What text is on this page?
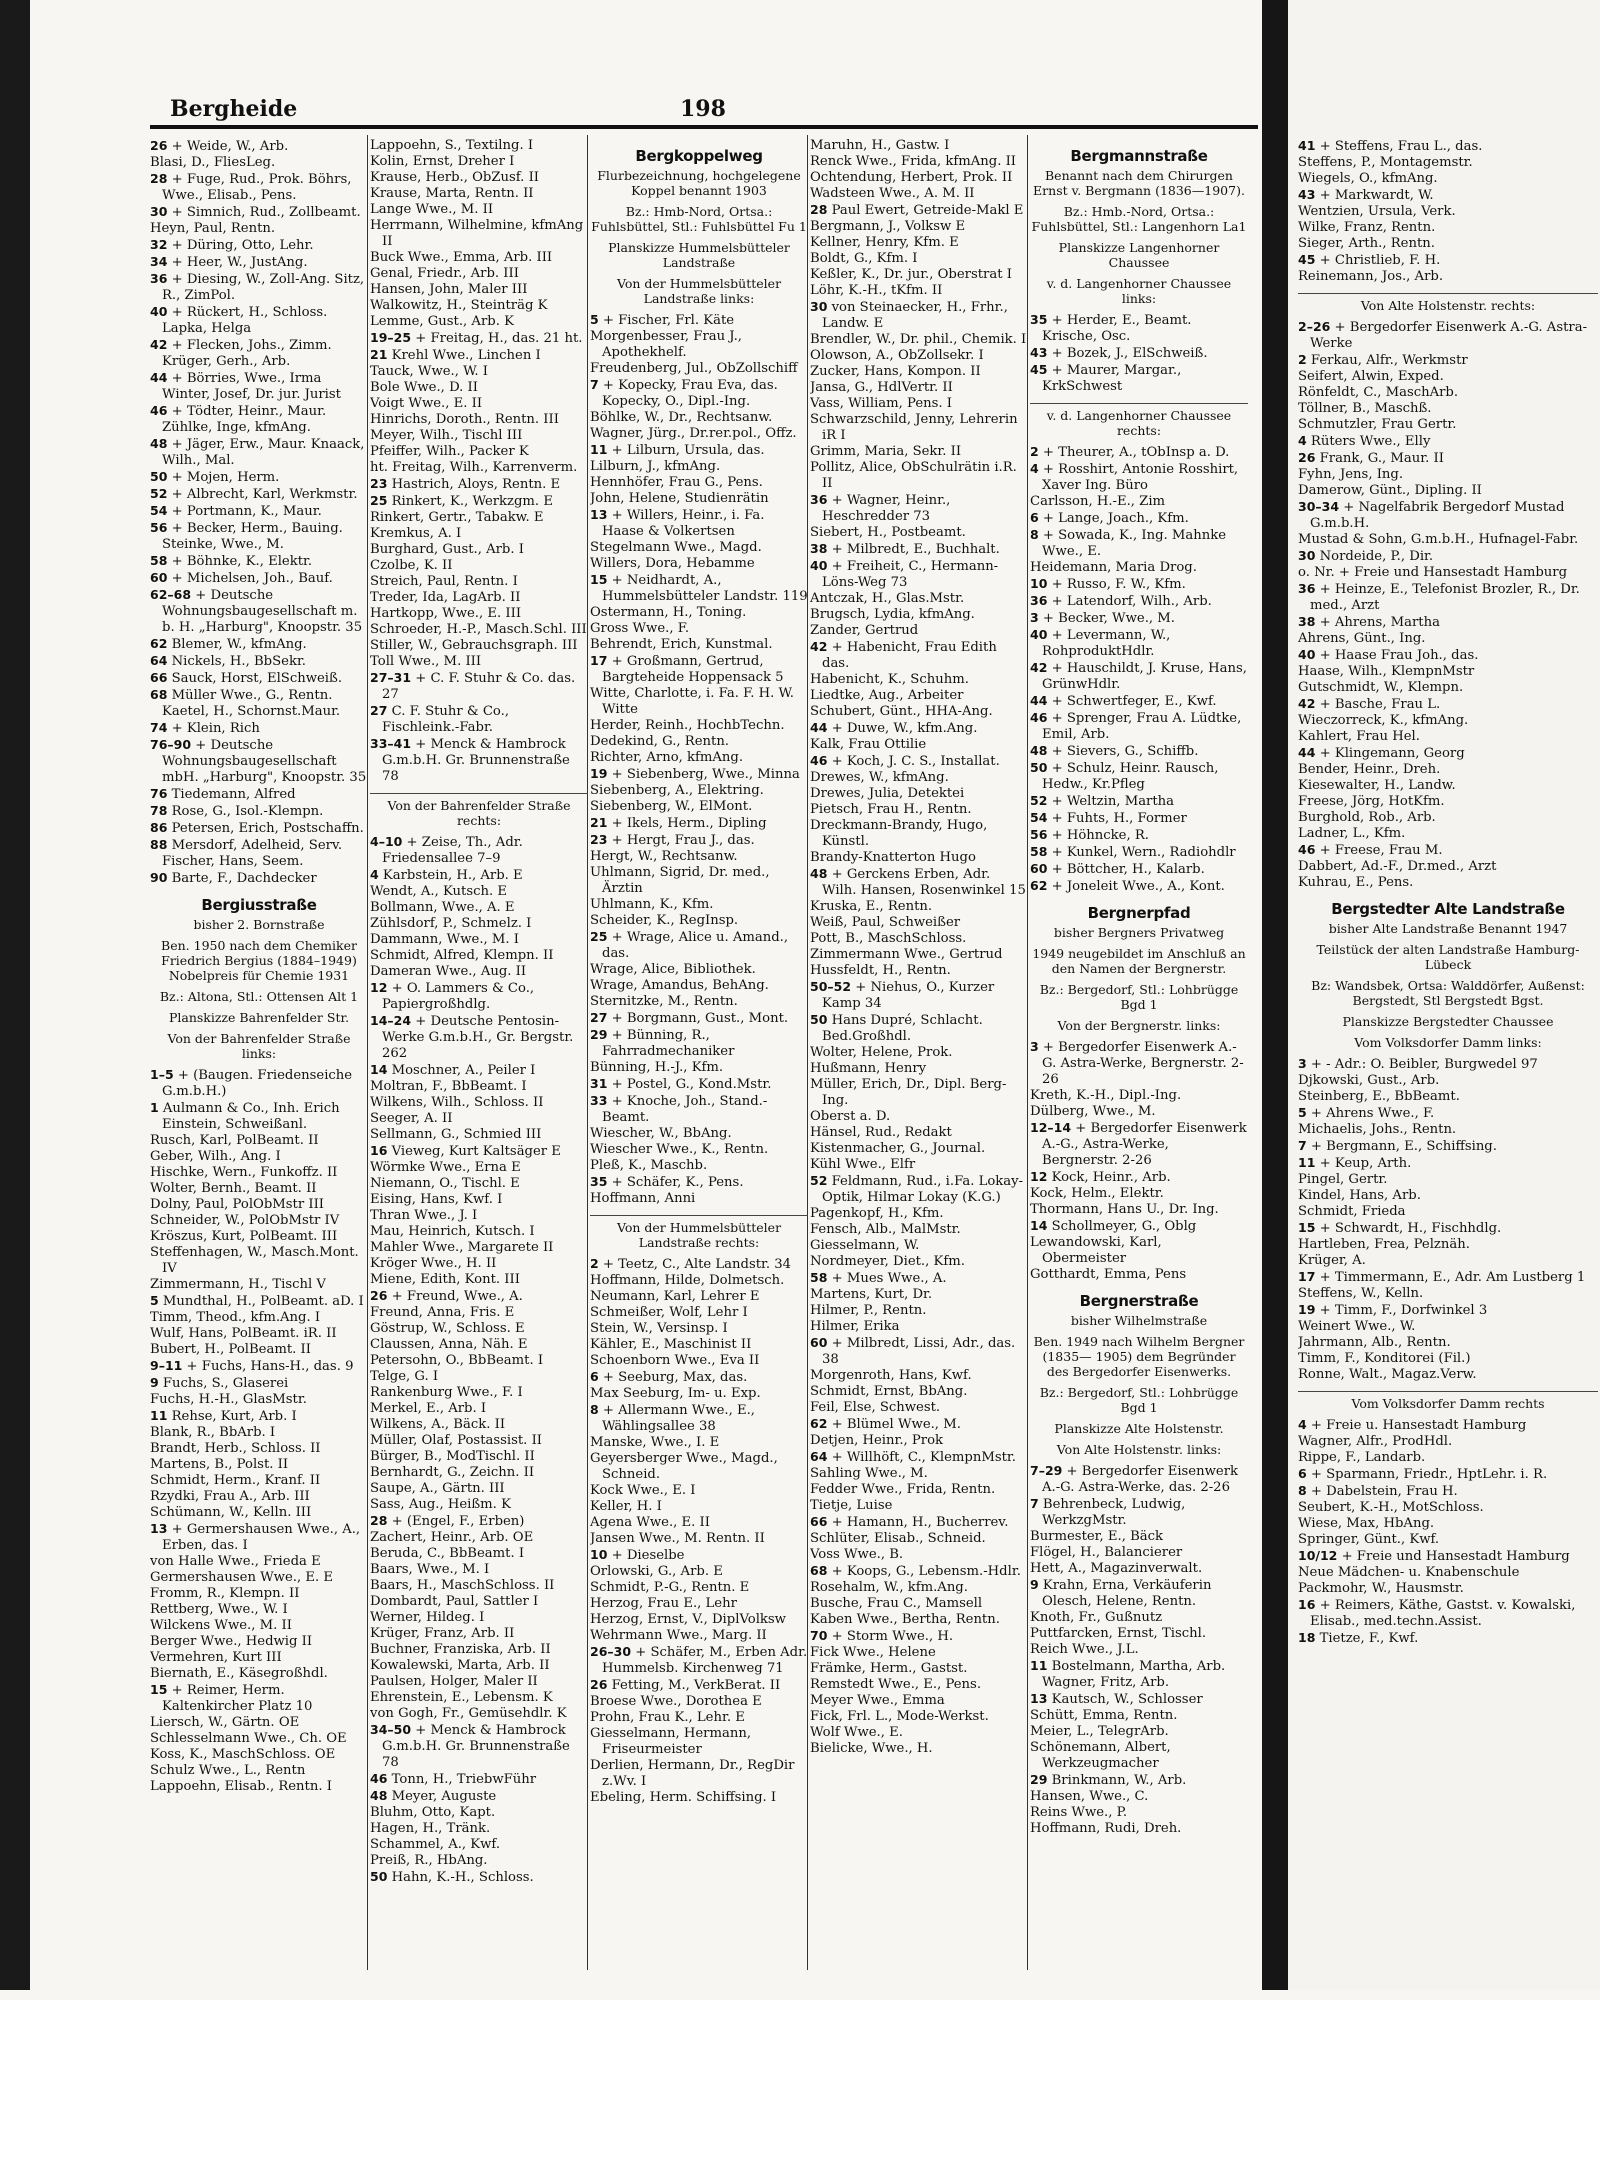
Bergheide	198
26 + Weide, W., Arb.
Blasi, D., FliesLeg.
28 + Fuge, Rud., Prok. Böhrs, Wwe., Elisab., Pens.
30 + Simnich, Rud., Zollbeamt.
Heyn, Paul, Rentn.
32 + Düring, Otto, Lehr.
34 + Heer, W., JustAng.
36 + Diesing, W., Zoll-Ang. Sitz, R., ZimPol.
40 + Rückert, H., Schloss. Lapka, Helga
42 + Flecken, Johs., Zimm. Krüger, Gerh., Arb.
44 + Börries, Wwe., Irma Winter, Josef, Dr. jur. Jurist
46 + Tödter, Heinr., Maur. Zühlke, Inge, kfmAng.
48 + Jäger, Erw., Maur. Knaack, Wilh., Mal.
50 + Mojen, Herm.
52 + Albrecht, Karl, Werkmstr.
54 + Portmann, K., Maur.
56 + Becker, Herm., Bauing. Steinke, Wwe., M.
58 + Böhnke, K., Elektr.
60 + Michelsen, Joh., Bauf.
62–68 + Deutsche Wohnungsbaugesellschaft m. b. H. „Harburg", Knoopstr. 35
62 Blemer, W., kfmAng.
64 Nickels, H., BbSekr.
66 Sauck, Horst, ElSchweiß.
68 Müller Wwe., G., Rentn. Kaetel, H., Schornst.Maur.
74 + Klein, Rich
76–90 + Deutsche Wohnungsbaugesellschaft mbH. „Harburg", Knoopstr. 35
76 Tiedemann, Alfred
78 Rose, G., Isol.-Klempn.
86 Petersen, Erich, Postschaffn.
88 Mersdorf, Adelheid, Serv. Fischer, Hans, Seem.
90 Barte, F., Dachdecker
Bergiusstraße
bisher 2. Bornstraße
Ben. 1950 nach dem Chemiker Friedrich Bergius (1884–1949) Nobelpreis für Chemie 1931
Bz.: Altona, Stl.: Ottensen Alt 1
Planskizze Bahrenfelder Str.
Von der Bahrenfelder Straße links:
1–5 + (Baugen. Friedenseiche G.m.b.H.)
1 Aulmann & Co., Inh. Erich Einstein, Schweißanl.
Rusch, Karl, PolBeamt. II
Geber, Wilh., Ang. I
Hischke, Wern., Funkoffz. II
Wolter, Bernh., Beamt. II
Dolny, Paul, PolObMstr III
Schneider, W., PolObMstr IV
Kröszus, Kurt, PolBeamt. III
Steffenhagen, W., Masch.Mont. IV
Zimmermann, H., Tischl V
5 Mundthal, H., PolBeamt. aD. I
Timm, Theod., kfm.Ang. I
Wulf, Hans, PolBeamt. iR. II
Bubert, H., PolBeamt. II
9–11 + Fuchs, Hans-H., das. 9
9 Fuchs, S., Glaserei
Fuchs, H.-H., GlasMstr.
11 Rehse, Kurt, Arb. I
Blank, R., BbArb. I
Brandt, Herb., Schloss. II
Martens, B., Polst. II
Schmidt, Herm., Kranf. II
Rzydki, Frau A., Arb. III
Schümann, W., Kelln. III
13 + Germershausen Wwe., A., Erben, das. I
von Halle Wwe., Frieda E
Germershausen Wwe., E. E
Fromm, R., Klempn. II
Rettberg, Wwe., W. I
Wilckens Wwe., M. II
Berger Wwe., Hedwig II
Vermehren, Kurt III
Biernath, E., Käsegroßhdl.
15 + Reimer, Herm. Kaltenkircher Platz 10
Liersch, W., Gärtn. OE
Schlesselmann Wwe., Ch. OE
Koss, K., MaschSchloss. OE
Schulz Wwe., L., Rentn
Lappoehn, Elisab., Rentn. I
Lappoehn, S., Textilng. I
Kolin, Ernst, Dreher I
Krause, Herb., ObZusf. II
Krause, Marta, Rentn. II
Lange Wwe., M. II
Herrmann, Wilhelmine, kfmAng II
Buck Wwe., Emma, Arb. III
Genal, Friedr., Arb. III
Hansen, John, Maler III
Walkowitz, H., Steinträg K
Lemme, Gust., Arb. K
19–25 + Freitag, H., das. 21 ht.
21 Krehl Wwe., Linchen I
Tauck, Wwe., W. I
Bole Wwe., D. II
Voigt Wwe., E. II
Hinrichs, Doroth., Rentn. III
Meyer, Wilh., Tischl III
Pfeiffer, Wilh., Packer K
ht. Freitag, Wilh., Karrenverm.
23 Hastrich, Aloys, Rentn. E
25 Rinkert, K., Werkzgm. E
Rinkert, Gertr., Tabakw. E
Kremkus, A. I
Burghard, Gust., Arb. I
Czolbe, K. II
Streich, Paul, Rentn. I
Treder, Ida, LagArb. II
Hartkopp, Wwe., E. III
Schroeder, H.-P., Masch.Schl. III
Stiller, W., Gebrauchsgraph. III
Toll Wwe., M. III
27–31 + C. F. Stuhr & Co. das. 27
27 C. F. Stuhr & Co., Fischleink.-Fabr.
33–41 + Menck & Hambrock G.m.b.H. Gr. Brunnenstraße 78
Von der Bahrenfelder Straße rechts:
4–10 + Zeise, Th., Adr. Friedensallee 7–9
4 Karbstein, H., Arb. E
Wendt, A., Kutsch. E
Bollmann, Wwe., A. E
Zühlsdorf, P., Schmelz. I
Dammann, Wwe., M. I
Schmidt, Alfred, Klempn. II
Dameran Wwe., Aug. II
12 + O. Lammers & Co., Papiergroßhdlg.
14–24 + Deutsche Pentosin-Werke G.m.b.H., Gr. Bergstr. 262
14 Moschner, A., Peiler I
Moltran, F., BbBeamt. I
Wilkens, Wilh., Schloss. II
Seeger, A. II
Sellmann, G., Schmied III
16 Vieweg, Kurt Kaltsäger E
Wörmke Wwe., Erna E
Niemann, O., Tischl. E
Eising, Hans, Kwf. I
Thran Wwe., J. I
Mau, Heinrich, Kutsch. I
Mahler Wwe., Margarete II
Kröger Wwe., H. II
Miene, Edith, Kont. III
26 + Freund, Wwe., A.
Freund, Anna, Fris. E
Göstrup, W., Schloss. E
Claussen, Anna, Näh. E
Petersohn, O., BbBeamt. I
Telge, G. I
Rankenburg Wwe., F. I
Merkel, E., Arb. I
Wilkens, A., Bäck. II
Müller, Olaf, Postassist. II
Bürger, B., ModTischl. II
Bernhardt, G., Zeichn. II
Saupe, A., Gärtn. III
Sass, Aug., Heißm. K
28 + (Engel, F., Erben)
Zachert, Heinr., Arb. OE
Beruda, C., BbBeamt. I
Baars, Wwe., M. I
Baars, H., MaschSchloss. II
Dombardt, Paul, Sattler I
Werner, Hildeg. I
Krüger, Franz, Arb. II
Buchner, Franziska, Arb. II
Kowalewski, Marta, Arb. II
Paulsen, Holger, Maler II
Ehrenstein, E., Lebensm. K
von Gogh, Fr., Gemüsehdlr. K
34–50 + Menck & Hambrock G.m.b.H. Gr. Brunnenstraße 78
46 Tonn, H., TriebwFühr
48 Meyer, Auguste
Bluhm, Otto, Kapt.
Hagen, H., Tränk.
Schammel, A., Kwf.
Preiß, R., HbAng.
50 Hahn, K.-H., Schloss.
Bergkoppelweg
Flurbezeichnung, hochgelegene Koppel benannt 1903
Bz.: Hmb-Nord, Ortsa.: Fuhlsbüttel, Stl.: Fuhlsbüttel Fu 1
Planskizze Hummelsbütteler Landstraße
Von der Hummelsbütteler Landstraße links:
5 + Fischer, Frl. Käte
Morgenbesser, Frau J., Apothekhelf.
Freudenberg, Jul., ObZollschiff
7 + Kopecky, Frau Eva, das. Kopecky, O., Dipl.-Ing.
Böhlke, W., Dr., Rechtsanw.
Wagner, Jürg., Dr.rer.pol., Offz.
11 + Lilburn, Ursula, das.
Lilburn, J., kfmAng.
Hennhöfer, Frau G., Pens.
John, Helene, Studienrätin
13 + Willers, Heinr., i. Fa. Haase & Volkertsen
Stegelmann Wwe., Magd.
Willers, Dora, Hebamme
15 + Neidhardt, A., Hummelsbütteler Landstr. 119
Ostermann, H., Toning.
Gross Wwe., F.
Behrendt, Erich, Kunstmal.
17 + Großmann, Gertrud, Bargteheide Hoppensack 5
Witte, Charlotte, i. Fa. F. H. W. Witte
Herder, Reinh., HochbTechn.
Dedekind, G., Rentn.
Richter, Arno, kfmAng.
19 + Siebenberg, Wwe., Minna
Siebenberg, A., Elektring.
Siebenberg, W., ElMont.
21 + Ikels, Herm., Dipling
23 + Hergt, Frau J., das.
Hergt, W., Rechtsanw.
Uhlmann, Sigrid, Dr. med., Ärztin
Uhlmann, K., Kfm.
Scheider, K., RegInsp.
25 + Wrage, Alice u. Amand., das.
Wrage, Alice, Bibliothek.
Wrage, Amandus, BehAng.
Sternitzke, M., Rentn.
27 + Borgmann, Gust., Mont.
29 + Bünning, R., Fahrradmechaniker
Bünning, H.-J., Kfm.
31 + Postel, G., Kond.Mstr.
33 + Knoche, Joh., Stand.-Beamt.
Wiescher, W., BbAng.
Wiescher Wwe., K., Rentn.
Pleß, K., Maschb.
35 + Schäfer, K., Pens.
Hoffmann, Anni
Von der Hummelsbütteler Landstraße rechts:
2 + Teetz, C., Alte Landstr. 34
Hoffmann, Hilde, Dolmetsch.
Neumann, Karl, Lehrer E
Schmeißer, Wolf, Lehr I
Stein, W., Versinsp. I
Kähler, E., Maschinist II
Schoenborn Wwe., Eva II
6 + Seeburg, Max, das.
Max Seeburg, Im- u. Exp.
8 + Allermann Wwe., E., Wählingsallee 38
Manske, Wwe., I. E
Geyersberger Wwe., Magd., Schneid.
Kock Wwe., E. I
Keller, H. I
Agena Wwe., E. II
Jansen Wwe., M. Rentn. II
10 + Dieselbe
Orlowski, G., Arb. E
Schmidt, P.-G., Rentn. E
Herzog, Frau E., Lehr
Herzog, Ernst, V., DiplVolksw
Wehrmann Wwe., Marg. II
26–30 + Schäfer, M., Erben Adr. Hummelsb. Kirchenweg 71
26 Fetting, M., VerkBerat. II
Broese Wwe., Dorothea E
Prohn, Frau K., Lehr. E
Giesselmann, Hermann, Friseurmeister
Derlien, Hermann, Dr., RegDir z.Wv. I
Ebeling, Herm. Schiffsing. I
Maruhn, H., Gastw. I
Renck Wwe., Frida, kfmAng. II
Ochtendung, Herbert, Prok. II
Wadsteen Wwe., A. M. II
28 Paul Ewert, Getreide-Makl E
Bergmann, J., Volksw E
Kellner, Henry, Kfm. E
Boldt, G., Kfm. I
Keßler, K., Dr. jur., Oberstrat I
Löhr, K.-H., tKfm. II
30 von Steinaecker, H., Frhr., Landw. E
Brendler, W., Dr. phil., Chemik. I
Olowson, A., ObZollsekr. I
Zucker, Hans, Kompon. II
Jansa, G., HdlVertr. II
Vass, William, Pens. I
Schwarzschild, Jenny, Lehrerin iR I
Grimm, Maria, Sekr. II
Pollitz, Alice, ObSchulrätin i.R. II
36 + Wagner, Heinr., Heschredder 73
Siebert, H., Postbeamt.
38 + Milbredt, E., Buchhalt.
40 + Freiheit, C., Hermann-Löns-Weg 73
Antczak, H., Glas.Mstr.
Brugsch, Lydia, kfmAng.
Zander, Gertrud
42 + Habenicht, Frau Edith das.
Habenicht, K., Schuhm.
Liedtke, Aug., Arbeiter
Schubert, Günt., HHA-Ang.
44 + Duwe, W., kfm.Ang.
Kalk, Frau Ottilie
46 + Koch, J. C. S., Installat.
Drewes, W., kfmAng.
Drewes, Julia, Detektei
Pietsch, Frau H., Rentn.
Dreckmann-Brandy, Hugo, Künstl.
Brandy-Knatterton Hugo
48 + Gerckens Erben, Adr. Wilh. Hansen, Rosenwinkel 15
Kruska, E., Rentn.
Weiß, Paul, Schweißer
Pott, B., MaschSchloss.
Zimmermann Wwe., Gertrud
Hussfeldt, H., Rentn.
50–52 + Niehus, O., Kurzer Kamp 34
50 Hans Dupré, Schlacht. Bed.Großhdl.
Wolter, Helene, Prok.
Hußmann, Henry
Müller, Erich, Dr., Dipl. Berg-Ing.
Oberst a. D.
Hänsel, Rud., Redakt
Kistenmacher, G., Journal.
Kühl Wwe., Elfr
52 Feldmann, Rud., i.Fa. Lokay-Optik, Hilmar Lokay (K.G.)
Pagenkopf, H., Kfm.
Fensch, Alb., MalMstr.
Giesselmann, W.
Nordmeyer, Diet., Kfm.
58 + Mues Wwe., A.
Martens, Kurt, Dr.
Hilmer, P., Rentn.
Hilmer, Erika
60 + Milbredt, Lissi, Adr., das. 38
Morgenroth, Hans, Kwf.
Schmidt, Ernst, BbAng.
Feil, Else, Schwest.
62 + Blümel Wwe., M.
Detjen, Heinr., Prok
64 + Willhöft, C., KlempnMstr.
Sahling Wwe., M.
Fedder Wwe., Frida, Rentn.
Tietje, Luise
66 + Hamann, H., Bucherrev.
Schlüter, Elisab., Schneid.
Voss Wwe., B.
68 + Koops, G., Lebensm.-Hdlr.
Rosehalm, W., kfm.Ang.
Busche, Frau C., Mamsell
Kaben Wwe., Bertha, Rentn.
70 + Storm Wwe., H.
Fick Wwe., Helene
Främke, Herm., Gastst.
Remstedt Wwe., E., Pens.
Meyer Wwe., Emma
Fick, Frl. L., Mode-Werkst.
Wolf Wwe., E.
Bielicke, Wwe., H.
Bergmannstraße
Benannt nach dem Chirurgen Ernst v. Bergmann (1836—1907).
Bz.: Hmb.-Nord, Ortsa.: Fuhlsbüttel, Stl.: Langenhorn La1
Planskizze Langenhorner Chaussee
v. d. Langenhorner Chaussee links:
35 + Herder, E., Beamt. Krische, Osc.
43 + Bozek, J., ElSchweiß.
45 + Maurer, Margar., KrkSchwest
v. d. Langenhorner Chaussee rechts:
2 + Theurer, A., tObInsp a. D.
4 + Rosshirt, Antonie Rosshirt, Xaver Ing. Büro
Carlsson, H.-E., Zim
6 + Lange, Joach., Kfm.
8 + Sowada, K., Ing. Mahnke Wwe., E.
Heidemann, Maria Drog.
10 + Russo, F. W., Kfm.
36 + Latendorf, Wilh., Arb.
3 + Becker, Wwe., M.
40 + Levermann, W., RohproduktHdlr.
42 + Hauschildt, J. Kruse, Hans, GrünwHdlr.
44 + Schwertfeger, E., Kwf.
46 + Sprenger, Frau A. Lüdtke, Emil, Arb.
48 + Sievers, G., Schiffb.
50 + Schulz, Heinr. Rausch, Hedw., Kr.Pfleg
52 + Weltzin, Martha
54 + Fuhts, H., Former
56 + Höhncke, R.
58 + Kunkel, Wern., Radiohdlr
60 + Böttcher, H., Kalarb.
62 + Joneleit Wwe., A., Kont.
Bergnerpfad
bisher Bergners Privatweg
1949 neugebildet im Anschluß an den Namen der Bergnerstr.
Bz.: Bergedorf, Stl.: Lohbrügge Bgd 1
Von der Bergnerstr. links:
3 + Bergedorfer Eisenwerk A.-G. Astra-Werke, Bergnerstr. 2-26
Kreth, K.-H., Dipl.-Ing.
Dülberg, Wwe., M.
12–14 + Bergedorfer Eisenwerk A.-G., Astra-Werke, Bergnerstr. 2-26
12 Kock, Heinr., Arb.
Kock, Helm., Elektr.
Thormann, Hans U., Dr. Ing.
14 Schollmeyer, G., Oblg
Lewandowski, Karl, Obermeister
Gotthardt, Emma, Pens
Bergnerstraße
bisher Wilhelmstraße
Ben. 1949 nach Wilhelm Bergner (1835— 1905) dem Begründer des Bergedorfer Eisenwerks.
Bz.: Bergedorf, Stl.: Lohbrügge Bgd 1
Planskizze Alte Holstenstr.
Von Alte Holstenstr. links:
7–29 + Bergedorfer Eisenwerk A.-G. Astra-Werke, das. 2-26
7 Behrenbeck, Ludwig, WerkzgMstr.
Burmester, E., Bäck
Flögel, H., Balancierer
Hett, A., Magazinverwalt.
9 Krahn, Erna, Verkäuferin Olesch, Helene, Rentn.
Knoth, Fr., Gußnutz
Puttfarcken, Ernst, Tischl.
Reich Wwe., J.L.
11 Bostelmann, Martha, Arb. Wagner, Fritz, Arb.
13 Kautsch, W., Schlosser
Schütt, Emma, Rentn.
Meier, L., TelegrArb.
Schönemann, Albert, Werkzeugmacher
29 Brinkmann, W., Arb.
Hansen, Wwe., C.
Reins Wwe., P.
Hoffmann, Rudi, Dreh.
41 + Steffens, Frau L., das.
Steffens, P., Montagemstr.
Wiegels, O., kfmAng.
43 + Markwardt, W.
Wentzien, Ursula, Verk.
Wilke, Franz, Rentn.
Sieger, Arth., Rentn.
45 + Christlieb, F. H.
Reinemann, Jos., Arb.
Von Alte Holstenstr. rechts:
2–26 + Bergedorfer Eisenwerk A.-G. Astra-Werke
2 Ferkau, Alfr., Werkmstr
Seifert, Alwin, Exped.
Rönfeldt, C., MaschArb.
Töllner, B., Maschß.
Schmutzler, Frau Gertr.
4 Rüters Wwe., Elly
26 Frank, G., Maur. II
Fyhn, Jens, Ing.
Damerow, Günt., Dipling. II
30–34 + Nagelfabrik Bergedorf Mustad G.m.b.H.
Mustad & Sohn, G.m.b.H., Hufnagel-Fabr.
30 Nordeide, P., Dir.
o. Nr. + Freie und Hansestadt Hamburg
36 + Heinze, E., Telefonist Brozler, R., Dr. med., Arzt
38 + Ahrens, Martha
Ahrens, Günt., Ing.
40 + Haase Frau Joh., das.
Haase, Wilh., KlempnMstr
Gutschmidt, W., Klempn.
42 + Basche, Frau L.
Wieczorreck, K., kfmAng.
Kahlert, Frau Hel.
44 + Klingemann, Georg
Bender, Heinr., Dreh.
Kiesewalter, H., Landw.
Freese, Jörg, HotKfm.
Burghold, Rob., Arb.
Ladner, L., Kfm.
46 + Freese, Frau M.
Dabbert, Ad.-F., Dr.med., Arzt
Kuhrau, E., Pens.
Bergstedter Alte Landstraße
bisher Alte Landstraße Benannt 1947
Teilstück der alten Landstraße Hamburg-Lübeck
Bz: Wandsbek, Ortsa: Walddörfer, Außenst: Bergstedt, Stl Bergstedt Bgst.
Planskizze Bergstedter Chaussee
Vom Volksdorfer Damm links:
3 + - Adr.: O. Beibler, Burgwedel 97
Djkowski, Gust., Arb.
Steinberg, E., BbBeamt.
5 + Ahrens Wwe., F.
Michaelis, Johs., Rentn.
7 + Bergmann, E., Schiffsing.
11 + Keup, Arth.
Pingel, Gertr.
Kindel, Hans, Arb.
Schmidt, Frieda
15 + Schwardt, H., Fischhdlg.
Hartleben, Frea, Pelznäh.
Krüger, A.
17 + Timmermann, E., Adr. Am Lustberg 1
Steffens, W., Kelln.
19 + Timm, F., Dorfwinkel 3
Weinert Wwe., W.
Jahrmann, Alb., Rentn.
Timm, F., Konditorei (Fil.)
Ronne, Walt., Magaz.Verw.
Vom Volksdorfer Damm rechts
4 + Freie u. Hansestadt Hamburg
Wagner, Alfr., ProdHdl.
Rippe, F., Landarb.
6 + Sparmann, Friedr., HptLehr. i. R.
8 + Dabelstein, Frau H.
Seubert, K.-H., MotSchloss.
Wiese, Max, HbAng.
Springer, Günt., Kwf.
10/12 + Freie und Hansestadt Hamburg
Neue Mädchen- u. Knabenschule
Packmohr, W., Hausmstr.
16 + Reimers, Käthe, Gastst. v. Kowalski, Elisab., med.techn.Assist.
18 Tietze, F., Kwf.
